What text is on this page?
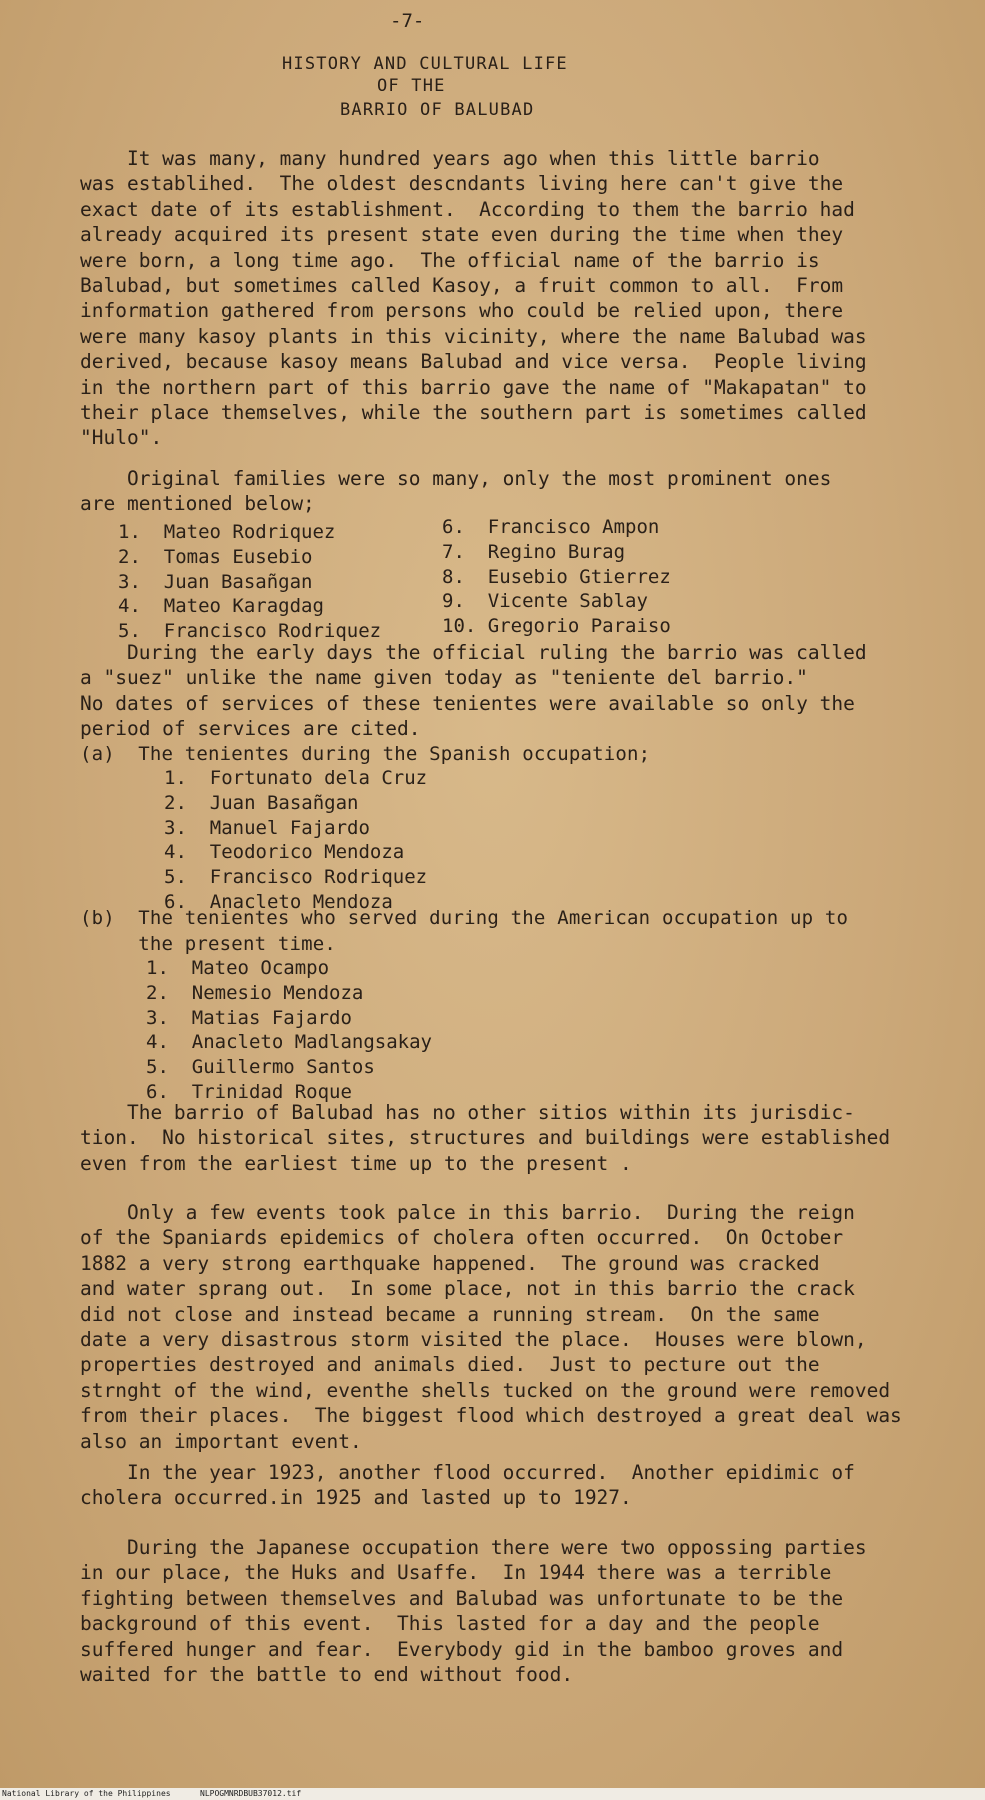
-7-
HISTORY AND CULTURAL LIFE
OF THE
BARRIO OF BALUBAD

It was many, many hundred years ago when this little barrio

was establihed.  The oldest descndants living here can't give the

exact date of its establishment.  According to them the barrio had

already acquired its present state even during the time when they

were born, a long time ago.  The official name of the barrio is

Balubad, but sometimes called Kasoy, a fruit common to all.  From

information gathered from persons who could be relied upon, there

were many kasoy plants in this vicinity, where the name Balubad was

derived, because kasoy means Balubad and vice versa.  People living

in the northern part of this barrio gave the name of "Makapatan" to

their place themselves, while the southern part is sometimes called

"Hulo".

Original families were so many, only the most prominent ones

are mentioned below;

1.  Mateo Rodriquez
2.  Tomas Eusebio
3.  Juan Basañgan
4.  Mateo Karagdag
5.  Francisco Rodriquez
6.  Francisco Ampon
7.  Regino Burag
8.  Eusebio Gtierrez
9.  Vicente Sablay
10. Gregorio Paraiso

During the early days the official ruling the barrio was called

a "suez" unlike the name given today as "teniente del barrio."

No dates of services of these tenientes were available so only the

period of services are cited.

(a)  The tenientes during the Spanish occupation;
1.  Fortunato dela Cruz
2.  Juan Basañgan
3.  Manuel Fajardo
4.  Teodorico Mendoza
5.  Francisco Rodriquez
6.  Anacleto Mendoza
(b)  The tenientes who served during the American occupation up to
the present time.
1.  Mateo Ocampo
2.  Nemesio Mendoza
3.  Matias Fajardo
4.  Anacleto Madlangsakay
5.  Guillermo Santos
6.  Trinidad Roque

The barrio of Balubad has no other sitios within its jurisdic-

tion.  No historical sites, structures and buildings were established

even from the earliest time up to the present .

Only a few events took palce in this barrio.  During the reign

of the Spaniards epidemics of cholera often occurred.  On October

1882 a very strong earthquake happened.  The ground was cracked

and water sprang out.  In some place, not in this barrio the crack

did not close and instead became a running stream.  On the same

date a very disastrous storm visited the place.  Houses were blown,

properties destroyed and animals died.  Just to pecture out the

strnght of the wind, eventhe shells tucked on the ground were removed

from their places.  The biggest flood which destroyed a great deal was

also an important event.

In the year 1923, another flood occurred.  Another epidimic of

cholera occurred.in 1925 and lasted up to 1927.

During the Japanese occupation there were two oppossing parties

in our place, the Huks and Usaffe.  In 1944 there was a terrible

fighting between themselves and Balubad was unfortunate to be the

background of this event.  This lasted for a day and the people

suffered hunger and fear.  Everybody gid in the bamboo groves and

waited for the battle to end without food.

National Library of the Philippines	NLPOGMNRDBUB37012.tif
